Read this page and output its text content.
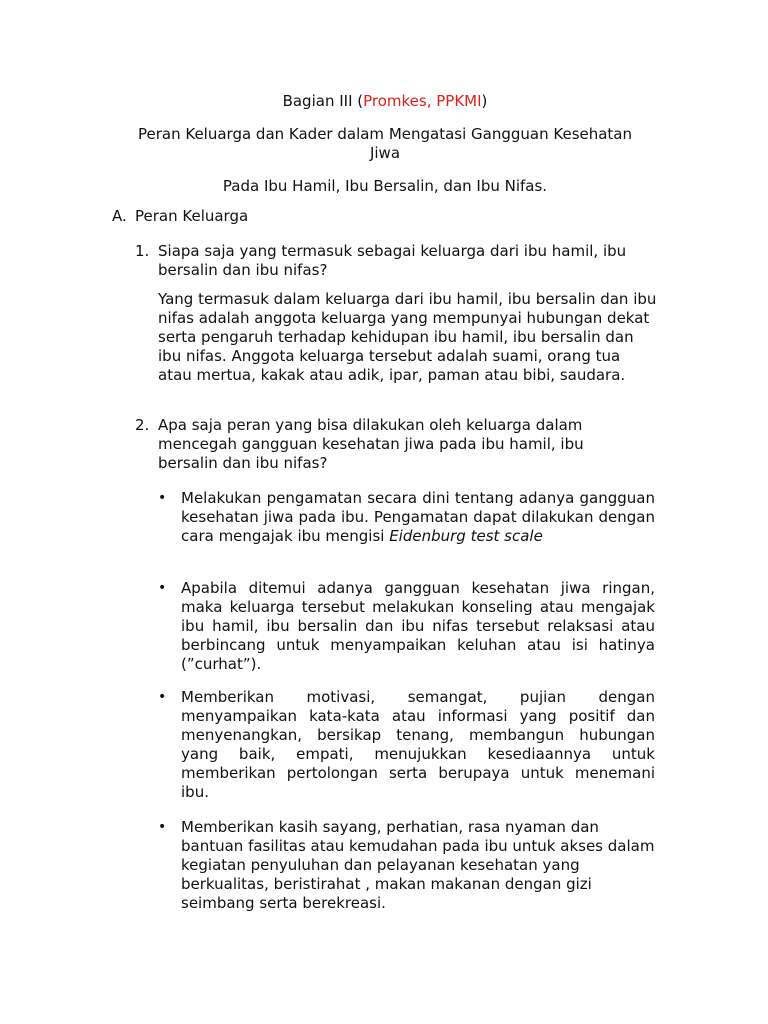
Bagian III (Promkes, PPKMI)
Peran Keluarga dan Kader dalam Mengatasi Gangguan Kesehatan
Jiwa
Pada Ibu Hamil, Ibu Bersalin, dan Ibu Nifas.
A. Peran Keluarga
1. Siapa saja yang termasuk sebagai keluarga dari ibu hamil, ibu bersalin dan ibu nifas?
Yang termasuk dalam keluarga dari ibu hamil, ibu bersalin dan ibu nifas adalah anggota keluarga yang mempunyai hubungan dekat serta pengaruh terhadap kehidupan ibu hamil, ibu bersalin dan ibu nifas. Anggota keluarga tersebut adalah suami, orang tua atau mertua, kakak atau adik, ipar, paman atau bibi, saudara.
2. Apa saja peran yang bisa dilakukan oleh keluarga dalam mencegah gangguan kesehatan jiwa pada ibu hamil, ibu bersalin dan ibu nifas?
• Melakukan pengamatan secara dini tentang adanya gangguan kesehatan jiwa pada ibu. Pengamatan dapat dilakukan dengan cara mengajak ibu mengisi Eidenburg test scale
• Apabila ditemui adanya gangguan kesehatan jiwa ringan, maka keluarga tersebut melakukan konseling atau mengajak ibu hamil, ibu bersalin dan ibu nifas tersebut relaksasi atau berbincang untuk menyampaikan keluhan atau isi hatinya (”curhat”).
• Memberikan motivasi, semangat, pujian dengan menyampaikan kata-kata atau informasi yang positif dan menyenangkan, bersikap tenang, membangun hubungan yang baik, empati, menujukkan kesediaannya untuk memberikan pertolongan serta berupaya untuk menemani ibu.
• Memberikan kasih sayang, perhatian, rasa nyaman dan bantuan fasilitas atau kemudahan pada ibu untuk akses dalam kegiatan penyuluhan dan pelayanan kesehatan yang berkualitas, beristirahat , makan makanan dengan gizi seimbang serta berekreasi.
